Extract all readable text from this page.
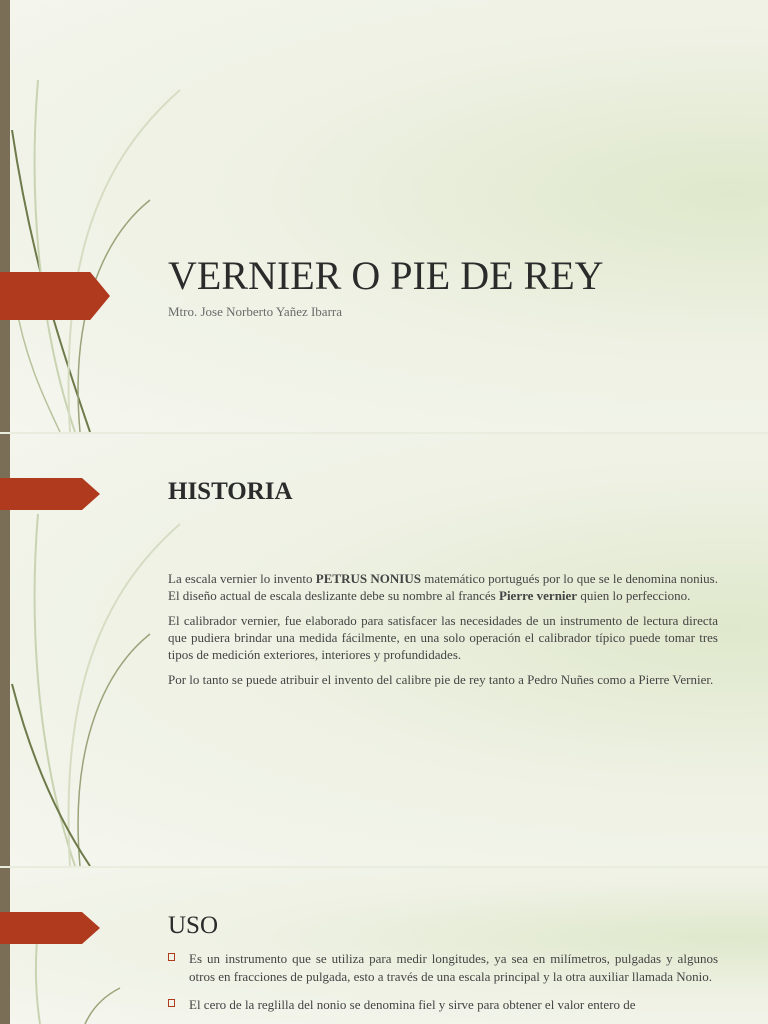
VERNIER O PIE DE REY

Mtro. Jose Norberto Yañez Ibarra

HISTORIA

La escala vernier lo invento PETRUS NONIUS matemático portugués por lo que se le denomina nonius. El diseño actual de escala deslizante debe su nombre al francés Pierre vernier quien lo perfecciono.

El calibrador vernier, fue elaborado para satisfacer las necesidades de un instrumento de lectura directa que pudiera brindar una medida fácilmente, en una solo operación el calibrador típico puede tomar tres tipos de medición exteriores, interiores y profundidades.

Por lo tanto se puede atribuir el invento del calibre pie de rey tanto a Pedro Nuñes como a Pierre Vernier.

USO
Es un instrumento que se utiliza para medir longitudes, ya sea en milímetros, pulgadas y algunos otros en fracciones de pulgada, esto a través de una escala principal y la otra auxiliar llamada Nonio.
El cero de la reglilla del nonio se denomina fiel y sirve para obtener el valor entero de
